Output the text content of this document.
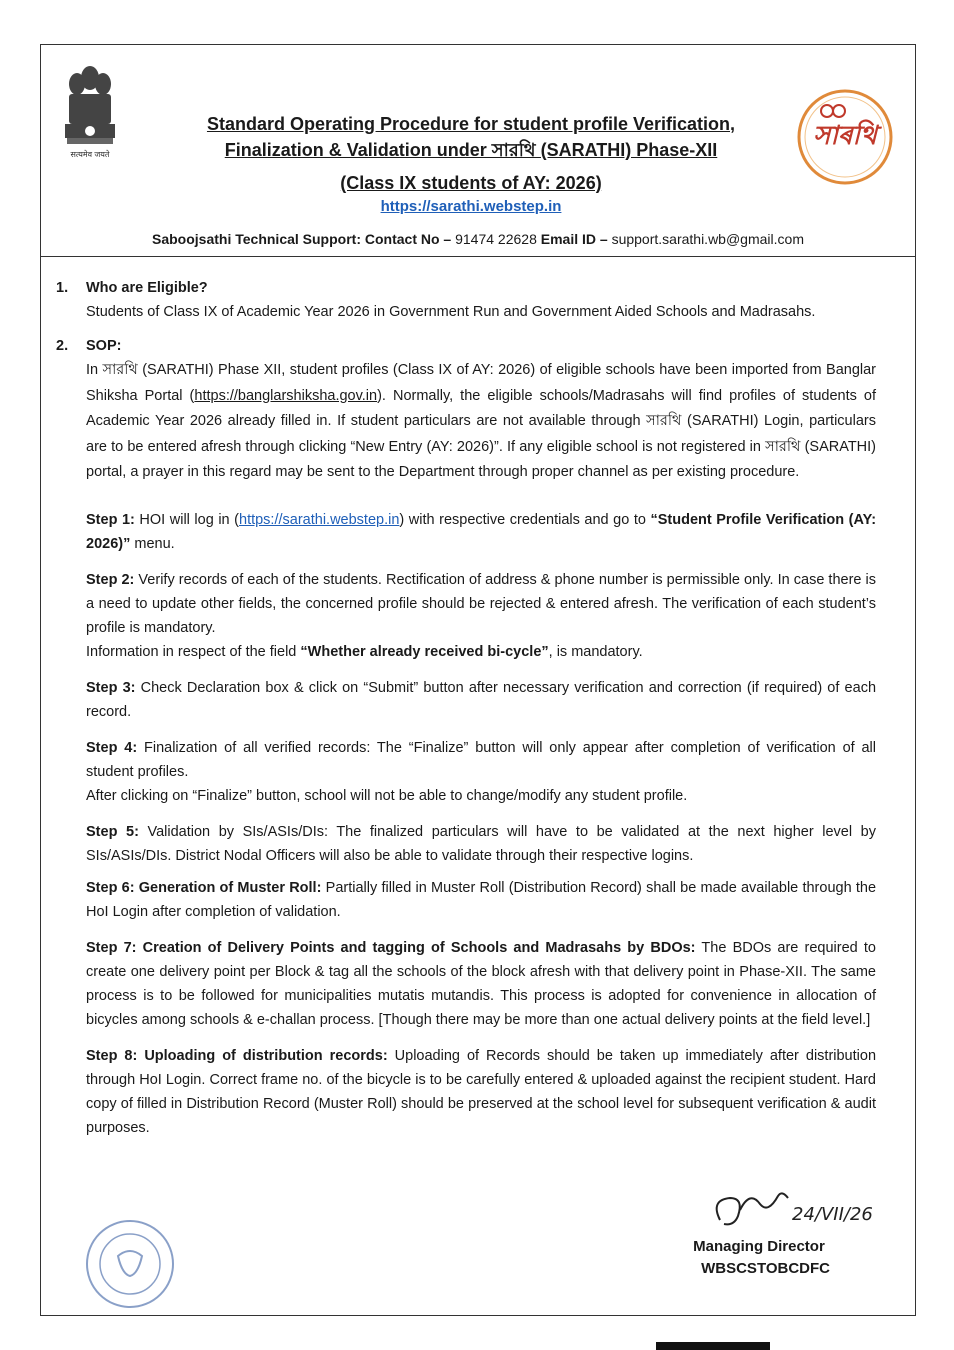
सत्यमेव जयते
সাৰথি
Standard Operating Procedure for student profile Verification,
Finalization & Validation under সারথি (SARATHI) Phase-XII
(Class IX students of AY: 2026)
https://sarathi.webstep.in
Saboojsathi Technical Support: Contact No – 91474 22628 Email ID – support.sarathi.wb@gmail.com
1. Who are Eligible?
Students of Class IX of Academic Year 2026 in Government Run and Government Aided Schools and Madrasahs.
2. SOP:
In সারথি (SARATHI) Phase XII, student profiles (Class IX of AY: 2026) of eligible schools have been imported from Banglar Shiksha Portal (https://banglarshiksha.gov.in). Normally, the eligible schools/Madrasahs will find profiles of students of Academic Year 2026 already filled in. If student particulars are not available through সারথি (SARATHI) Login, particulars are to be entered afresh through clicking “New Entry (AY: 2026)”. If any eligible school is not registered in সারথি (SARATHI) portal, a prayer in this regard may be sent to the Department through proper channel as per existing procedure.
Step 1: HOI will log in (https://sarathi.webstep.in) with respective credentials and go to “Student Profile Verification (AY: 2026)” menu.
Step 2: Verify records of each of the students. Rectification of address & phone number is permissible only. In case there is a need to update other fields, the concerned profile should be rejected & entered afresh. The verification of each student’s profile is mandatory.
Information in respect of the field “Whether already received bi-cycle”, is mandatory.
Step 3: Check Declaration box & click on “Submit” button after necessary verification and correction (if required) of each record.
Step 4: Finalization of all verified records: The “Finalize” button will only appear after completion of verification of all student profiles.
After clicking on “Finalize” button, school will not be able to change/modify any student profile.
Step 5: Validation by SIs/ASIs/DIs: The finalized particulars will have to be validated at the next higher level by SIs/ASIs/DIs. District Nodal Officers will also be able to validate through their respective logins.
Step 6: Generation of Muster Roll: Partially filled in Muster Roll (Distribution Record) shall be made available through the HoI Login after completion of validation.
Step 7: Creation of Delivery Points and tagging of Schools and Madrasahs by BDOs: The BDOs are required to create one delivery point per Block & tag all the schools of the block afresh with that delivery point in Phase-XII. The same process is to be followed for municipalities mutatis mutandis. This process is adopted for convenience in allocation of bicycles among schools & e-challan process. [Though there may be more than one actual delivery points at the field level.]
Step 8: Uploading of distribution records: Uploading of Records should be taken up immediately after distribution through HoI Login. Correct frame no. of the bicycle is to be carefully entered & uploaded against the recipient student. Hard copy of filled in Distribution Record (Muster Roll) should be preserved at the school level for subsequent verification & audit purposes.
24/VII/26
Managing Director
WBSCSTOBCDFC
